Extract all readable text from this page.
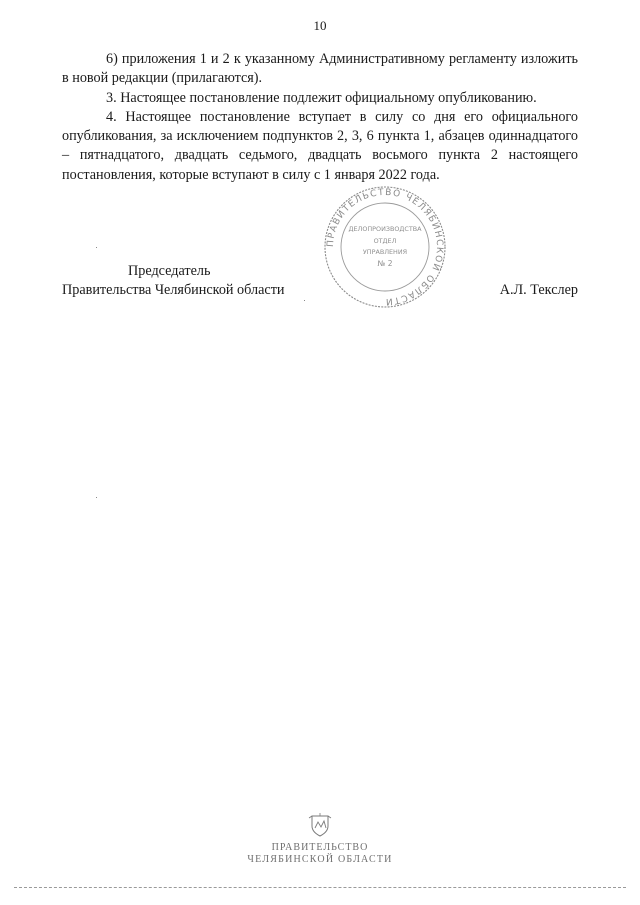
10

6) приложения 1 и 2 к указанному Административному регламенту изложить в новой редакции (прилагаются).

3. Настоящее постановление подлежит официальному опубликованию.

4. Настоящее постановление вступает в силу со дня его официального опубликования, за исключением подпунктов 2, 3, 6 пункта 1, абзацев одиннадцатого – пятнадцатого, двадцать седьмого, двадцать восьмого пункта 2 настоящего постановления, которые вступают в силу с 1 января 2022 года.

Председатель
Правительства Челябинской области	А.Л. Текслер
ПРАВИТЕЛЬСТВО ЧЕЛЯБИНСКОЙ ОБЛАСТИ
ДЕЛОПРОИЗВОДСТВА
ОТДЕЛ
УПРАВЛЕНИЯ
№ 2
ПРАВИТЕЛЬСТВО
ЧЕЛЯБИНСКОЙ ОБЛАСТИ
